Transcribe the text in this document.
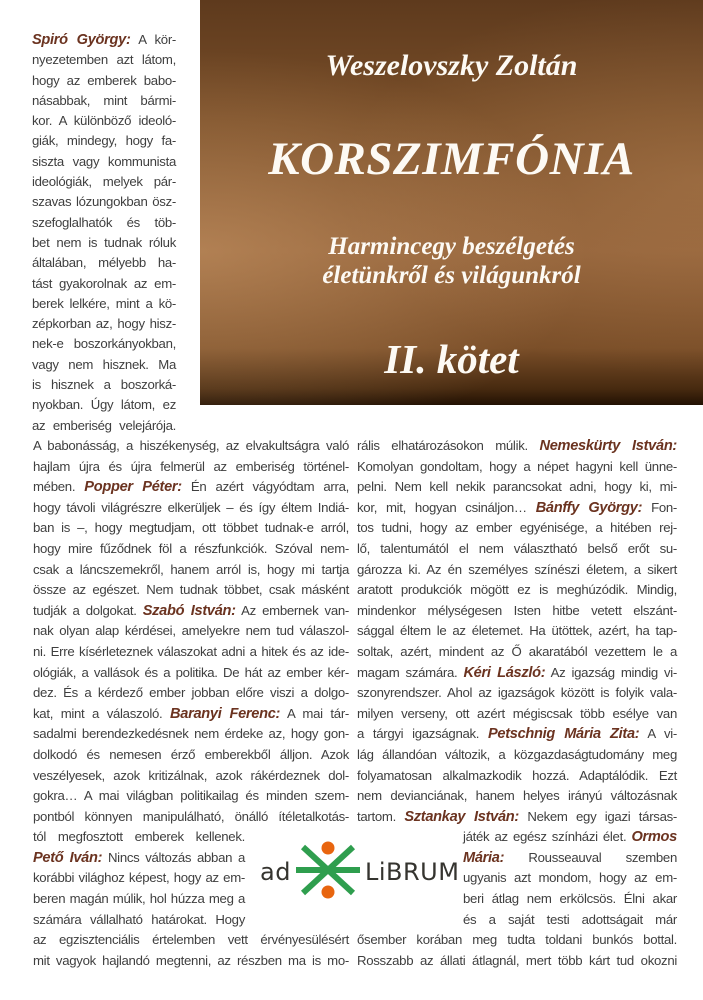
Spiró György: A kör-
nyezetemben azt látom,
hogy az emberek babo-
násabbak, mint bármi-
kor. A különböző ideoló-
giák, mindegy, hogy fa-
siszta vagy kommunista
ideológiák, melyek pár-
szavas lózungokban ösz-
szefoglalhatók és töb-
bet nem is tudnak róluk
általában, mélyebb ha-
tást gyakorolnak az em-
berek lelkére, mint a kö-
zépkorban az, hogy hisz-
nek-e boszorkányokban,
vagy nem hisznek. Ma
is hisznek a boszorká-
nyokban. Úgy látom, ez
az emberiség velejárója.
Weszelovszky Zoltán
KORSZIMFÓNIA
Harmincegy beszélgetés
életünkről és világunkról
II. kötet
A babonásság, a hiszékenység, az elvakultságra való
hajlam újra és újra felmerül az emberiség történel-
mében. Popper Péter: Én azért vágyódtam arra,
hogy távoli világrészre elkerüljek – és így éltem Indiá-
ban is –, hogy megtudjam, ott többet tudnak-e arról,
hogy mire fűződnek föl a részfunkciók. Szóval nem-
csak a láncszemekről, hanem arról is, hogy mi tartja
össze az egészet. Nem tudnak többet, csak másként
tudják a dolgokat. Szabó István: Az embernek van-
nak olyan alap kérdései, amelyekre nem tud válaszol-
ni. Erre kísérleteznek válaszokat adni a hitek és az ide-
ológiák, a vallások és a politika. De hát az ember kér-
dez. És a kérdező ember jobban előre viszi a dolgo-
kat, mint a válaszoló. Baranyi Ferenc: A mai tár-
sadalmi berendezkedésnek nem érdeke az, hogy gon-
dolkodó és nemesen érző emberekből álljon. Azok
veszélyesek, azok kritizálnak, azok rákérdeznek dol-
gokra… A mai világban politikailag és minden szem-
pontból könnyen manipulálható, önálló ítéletalkotás-
tól megfosztott emberek kellenek.
Pető Iván: Nincs változás abban a
korábbi világhoz képest, hogy az em-
beren magán múlik, hol húzza meg a
számára vállalható határokat. Hogy
az egzisztenciális értelemben vett érvényesülésért
mit vagyok hajlandó megtenni, az részben ma is mo-
rális elhatározásokon múlik. Nemeskürty István:
Komolyan gondoltam, hogy a népet hagyni kell ünne-
pelni. Nem kell nekik parancsokat adni, hogy ki, mi-
kor, mit, hogyan csináljon… Bánffy György: Fon-
tos tudni, hogy az ember egyénisége, a hitében rej-
lő, talentumától el nem választható belső erőt su-
gározza ki. Az én személyes színészi életem, a sikert
aratott produkciók mögött ez is meghúzódik. Mindig,
mindenkor mélységesen Isten hitbe vetett elszánt-
sággal éltem le az életemet. Ha ütöttek, azért, ha tap-
soltak, azért, mindent az Ő akaratából vezettem le a
magam számára. Kéri László: Az igazság mindig vi-
szonyrendszer. Ahol az igazságok között is folyik vala-
milyen verseny, ott azért mégiscsak több esélye van
a tárgyi igazságnak. Petschnig Mária Zita: A vi-
lág állandóan változik, a közgazdaságtudomány meg
folyamatosan alkalmazkodik hozzá. Adaptálódik. Ezt
nem devianciának, hanem helyes irányú változásnak
tartom. Sztankay István: Nekem egy igazi társas-
játék az egész színházi élet. Ormos
Mária: Rousseauval szemben
ugyanis azt mondom, hogy az em-
beri átlag nem erkölcsös. Élni akar
és a saját testi adottságait már
ősember korában meg tudta toldani bunkós bottal.
Rosszabb az állati átlagnál, mert több kárt tud okozni
ad	LiBRUM
